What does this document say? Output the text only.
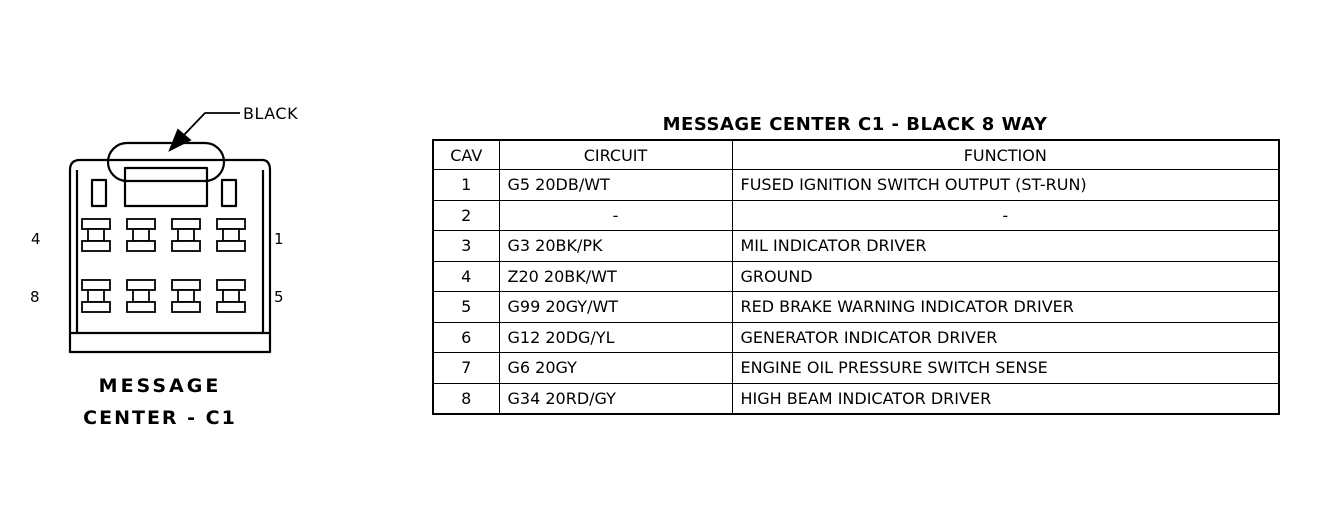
BLACK
4	1
8	5
MESSAGE
CENTER - C1
MESSAGE CENTER C1 - BLACK 8 WAY
CAV	CIRCUIT	FUNCTION
1	G5 20DB/WT	FUSED IGNITION SWITCH OUTPUT (ST-RUN)
2	-	-
3	G3 20BK/PK	MIL INDICATOR DRIVER
4	Z20 20BK/WT	GROUND
5	G99 20GY/WT	RED BRAKE WARNING INDICATOR DRIVER
6	G12 20DG/YL	GENERATOR INDICATOR DRIVER
7	G6 20GY	ENGINE OIL PRESSURE SWITCH SENSE
8	G34 20RD/GY	HIGH BEAM INDICATOR DRIVER
